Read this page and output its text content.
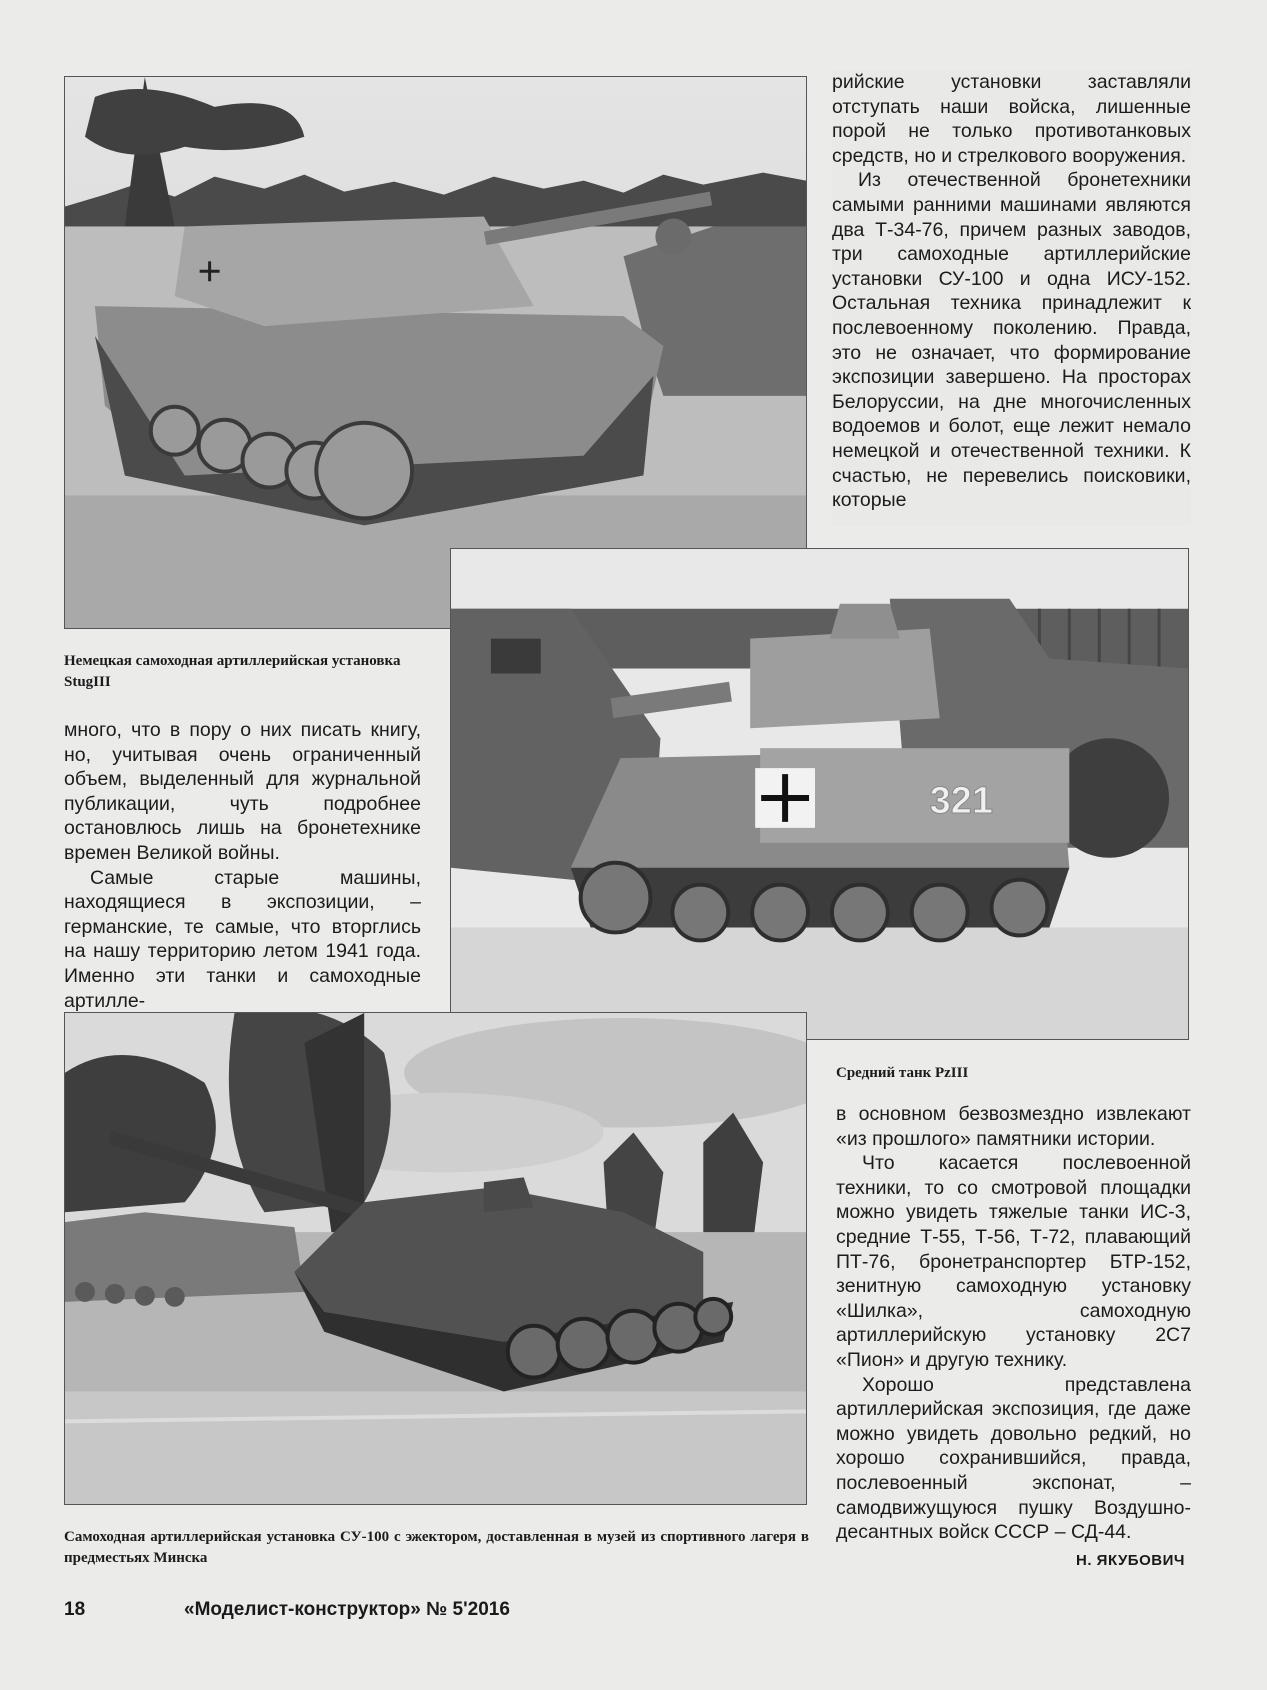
321

рийские установки заставляли отступать наши войска, лишенные порой не только противотанковых средств, но и стрелкового вооружения.

Из отечественной бронетехники самыми ранними машинами являются два Т-34-76, причем разных заводов, три самоходные артиллерийские установки СУ-100 и одна ИСУ-152. Остальная техника принадлежит к послевоенному поколению. Правда, это не означает, что формирование экспозиции завершено. На просторах Белоруссии, на дне многочисленных водоемов и болот, еще лежит немало немецкой и отечественной техники. К счастью, не перевелись поисковики, которые

Немецкая самоходная артиллерийская установка StugIII

много, что в пору о них писать книгу, но, учитывая очень ограниченный объем, выделенный для журнальной публикации, чуть подробнее остановлюсь лишь на бронетехнике времен Великой войны.

Самые старые машины, находящиеся в экспозиции, – германские, те самые, что вторглись на нашу территорию летом 1941 года. Именно эти танки и самоходные артилле-

Средний танк PzIII

в основном безвозмездно извлекают «из прошлого» памятники истории.

Что касается послевоенной техники, то со смотровой площадки можно увидеть тяжелые танки ИС-3, средние Т-55, Т-56, Т-72, плавающий ПТ-76, бронетранспортер БТР-152, зенитную самоходную установку «Шилка», самоходную артиллерийскую установку 2С7 «Пион» и другую технику.

Хорошо представлена артиллерийская экспозиция, где даже можно увидеть довольно редкий, но хорошо сохранившийся, правда, послевоенный экспонат, – самодвижущуюся пушку Воздушно-десантных войск СССР – СД-44.

Самоходная артиллерийская установка СУ-100 с эжектором, доставленная в музей из спортивного лагеря в предместьях Минска	Н. ЯКУБОВИЧ
18	«Моделист-конструктор» № 5'2016
